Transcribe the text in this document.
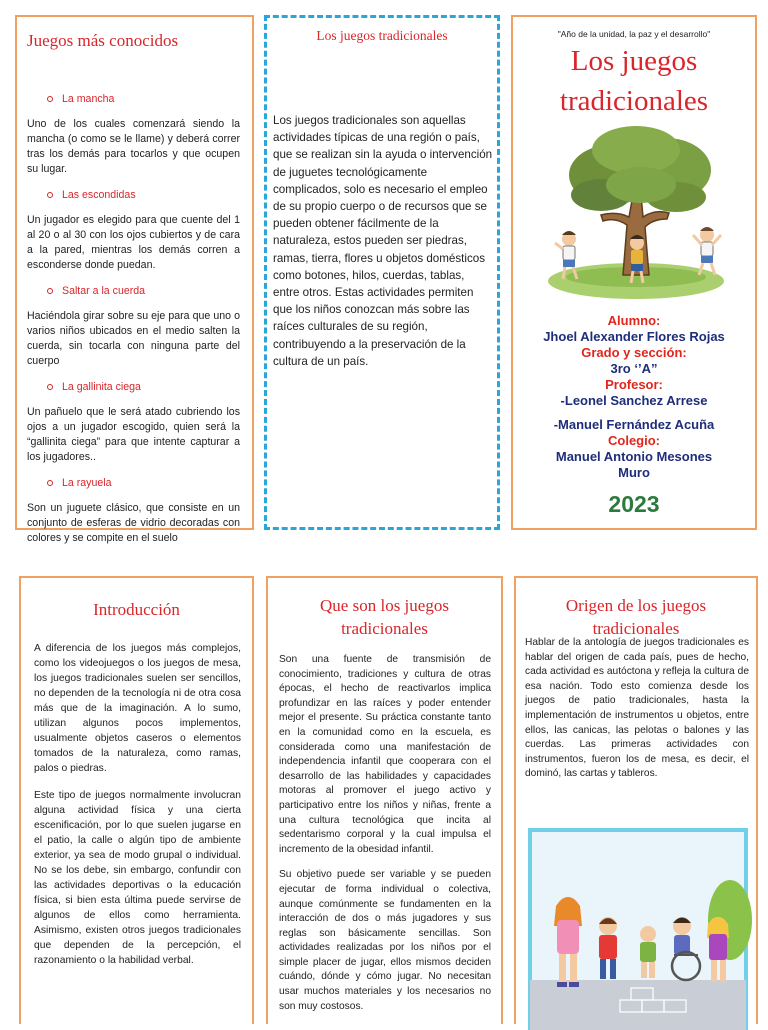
Juegos más conocidos

La mancha

Uno de los cuales comenzará siendo la mancha (o como se le llame) y deberá correr tras los demás para tocarlos y que ocupen su lugar.

Las escondidas

Un jugador es elegido para que cuente del 1 al 20 o al 30 con los ojos cubiertos y de cara a la pared, mientras los demás corren a esconderse donde puedan.

Saltar a la cuerda

Haciéndola girar sobre su eje para que uno o varios niños ubicados en el medio salten la cuerda, sin tocarla con ninguna parte del cuerpo

La gallinita ciega

Un pañuelo que le será atado cubriendo los ojos a un jugador escogido, quien será la “gallinita ciega” para que intente capturar a los jugadores..

La rayuela

Son un juguete clásico, que consiste en un conjunto de esferas de vidrio decoradas con colores y se compite en el suelo

Los juegos tradicionales

Los juegos tradicionales son aquellas actividades típicas de una región o país, que se realizan sin la ayuda o intervención de juguetes tecnológicamente complicados, solo es necesario el empleo de su propio cuerpo o de recursos que se pueden obtener fácilmente de la naturaleza, estos pueden ser piedras, ramas, tierra, flores u objetos domésticos como botones, hilos, cuerdas, tablas, entre otros. Estas actividades permiten que los niños conozcan más sobre las raíces culturales de su región, contribuyendo a la preservación de la cultura de un país.

"Año de la unidad, la paz y el desarrollo"
Los juegos
tradicionales
Alumno:
Jhoel Alexander Flores Rojas
Grado y sección:
3ro ‘’A”
Profesor:
-Leonel Sanchez Arrese
-Manuel Fernández Acuña
Colegio:
Manuel Antonio Mesones
Muro
2023
Introducción

A diferencia de los juegos más complejos, como los videojuegos o los juegos de mesa, los juegos tradicionales suelen ser sencillos, no dependen de la tecnología ni de otra cosa más que de la imaginación. A lo sumo, utilizan algunos pocos implementos, usualmente objetos caseros o elementos tomados de la naturaleza, como ramas, palos o piedras.

Este tipo de juegos normalmente involucran alguna actividad física y una cierta escenificación, por lo que suelen jugarse en el patio, la calle o algún tipo de ambiente exterior, ya sea de modo grupal o individual. No se los debe, sin embargo, confundir con las actividades deportivas o la educación física, si bien esta última puede servirse de algunos de ellos como herramienta. Asimismo, existen otros juegos tradicionales que dependen de la percepción, el razonamiento o la habilidad verbal.

Que son los juegos
tradicionales

Son una fuente de transmisión de conocimiento, tradiciones y cultura de otras épocas, el hecho de reactivarlos implica profundizar en las raíces y poder entender mejor el presente. Su práctica constante tanto en la comunidad como en la escuela, es considerada como una manifestación de independencia infantil que cooperara con el desarrollo de las habilidades y capacidades motoras al promover el juego activo y participativo entre los niños y niñas, frente a una cultura tecnológica que incita al sedentarismo corporal y la cual impulsa el incremento de la obesidad infantil.

Su objetivo puede ser variable y se pueden ejecutar de forma individual o colectiva, aunque comúnmente se fundamenten en la interacción de dos o más jugadores y sus reglas son básicamente sencillas. Son actividades realizadas por los niños por el simple placer de jugar, ellos mismos deciden cuándo, dónde y cómo jugar. No necesitan usar muchos materiales y los necesarios no son muy costosos.

Origen de los juegos
tradicionales

Hablar de la antología de juegos tradicionales es hablar del origen de cada país, pues de hecho, cada actividad es autóctona y refleja la cultura de esa nación. Todo esto comienza desde los juegos de patio tradicionales, hasta la implementación de instrumentos u objetos, entre ellos, las canicas, las pelotas o balones y las cuerdas. Las primeras actividades con instrumentos, fueron los de mesa, es decir, el dominó, las cartas y tableros.
